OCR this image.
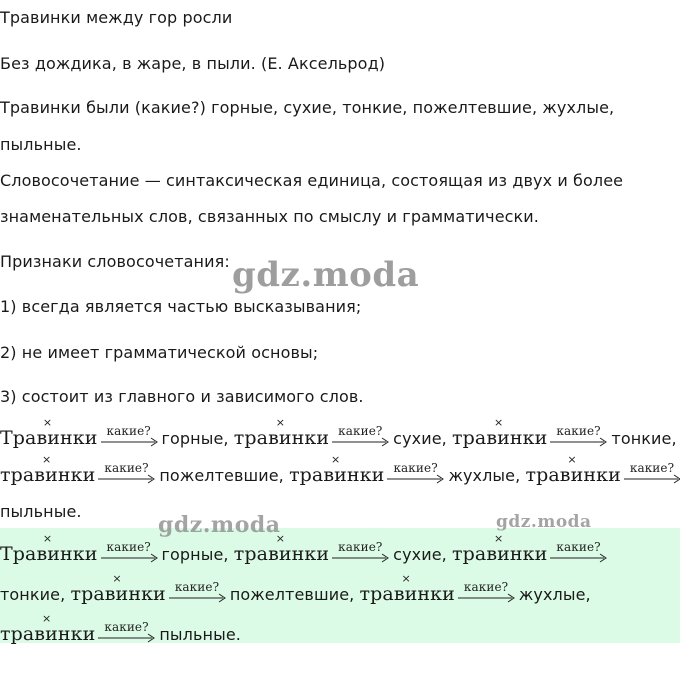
Травинки между гор росли
Без дождика, в жаре, в пыли. (Е. Аксельрод)
Травинки были (какие?) горные, сухие, тонкие, пожелтевшие, жухлые,
пыльные.
Словосочетание — синтаксическая единица, состоящая из двух и более
знаменательных слов, связанных по смыслу и грамматически.
Признаки словосочетания:
1) всегда является частью высказывания;
2) не имеет грамматической основы;
3) состоит из главного и зависимого слов.
gdz.moda
×
Травинки какие? горные,
×
травинки какие? сухие,
×
травинки какие? тонкие,
×
травинки какие? пожелтевшие,
×
травинки какие? жухлые,
×
травинки какие?
пыльные.
gdz.moda	gdz.moda
×
Травинки какие? горные,
×
травинки какие? сухие,
×
травинки какие?
тонкие,
×
травинки какие? пожелтевшие,
×
травинки какие? жухлые,
×
травинки какие? пыльные.
